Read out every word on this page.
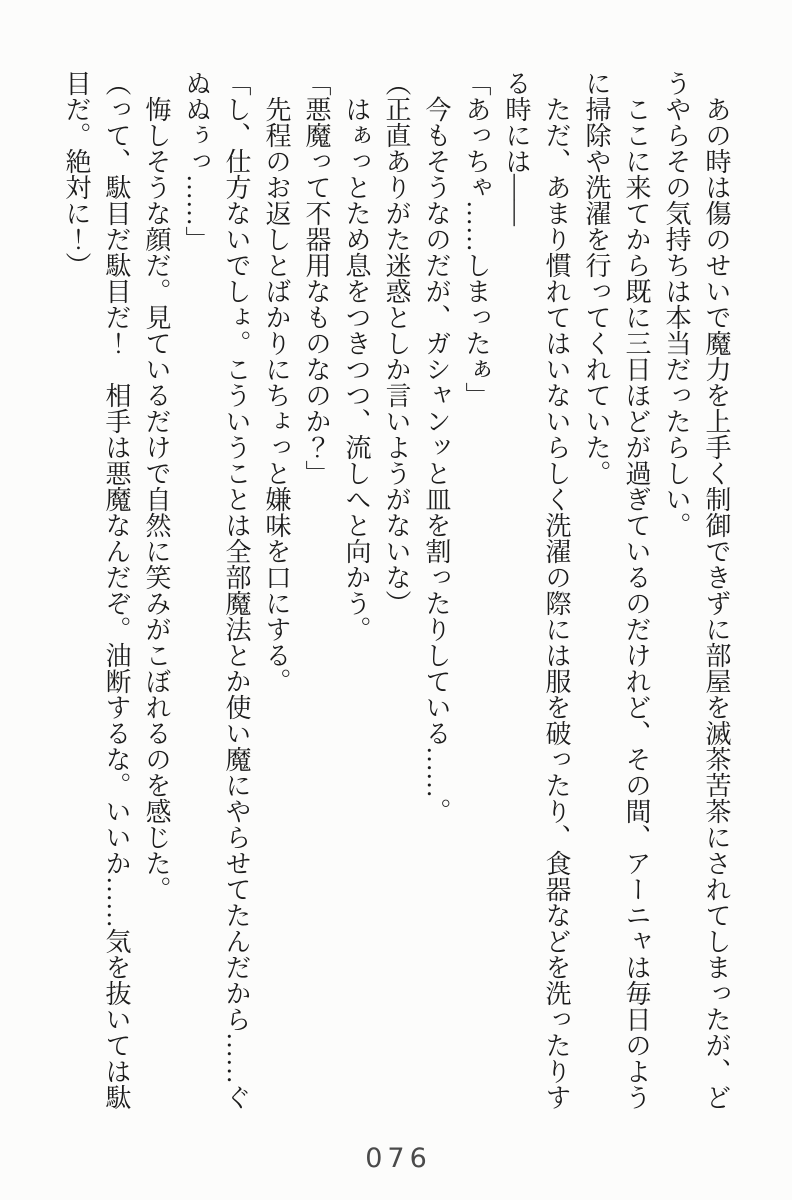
　あの時は傷のせいで魔力を上手く制御できずに部屋を滅茶苦茶にされてしまったが、ど

うやらその気持ちは本当だったらしい。

　ここに来てから既に三日ほどが過ぎているのだけれど、その間、アーニャは毎日のよう

に掃除や洗濯を行ってくれていた。

　ただ、あまり慣れてはいないらしく洗濯の際には服を破ったり、食器などを洗ったりす

る時には――

「あっちゃ……しまったぁ」

　今もそうなのだが、ガシャンッと皿を割ったりしている……。

（正直ありがた迷惑としか言いようがないな）

　はぁっとため息をつきつつ、流しへと向かう。

「悪魔って不器用なものなのか？」

　先程のお返しとばかりにちょっと嫌味を口にする。

「し、仕方ないでしょ。こういうことは全部魔法とか使い魔にやらせてたんだから……ぐ

ぬぬぅっ……」

　悔しそうな顔だ。見ているだけで自然に笑みがこぼれるのを感じた。

（って、駄目だ駄目だ！　相手は悪魔なんだぞ。油断するな。いいか……気を抜いては駄

目だ。絶対に！）

076
